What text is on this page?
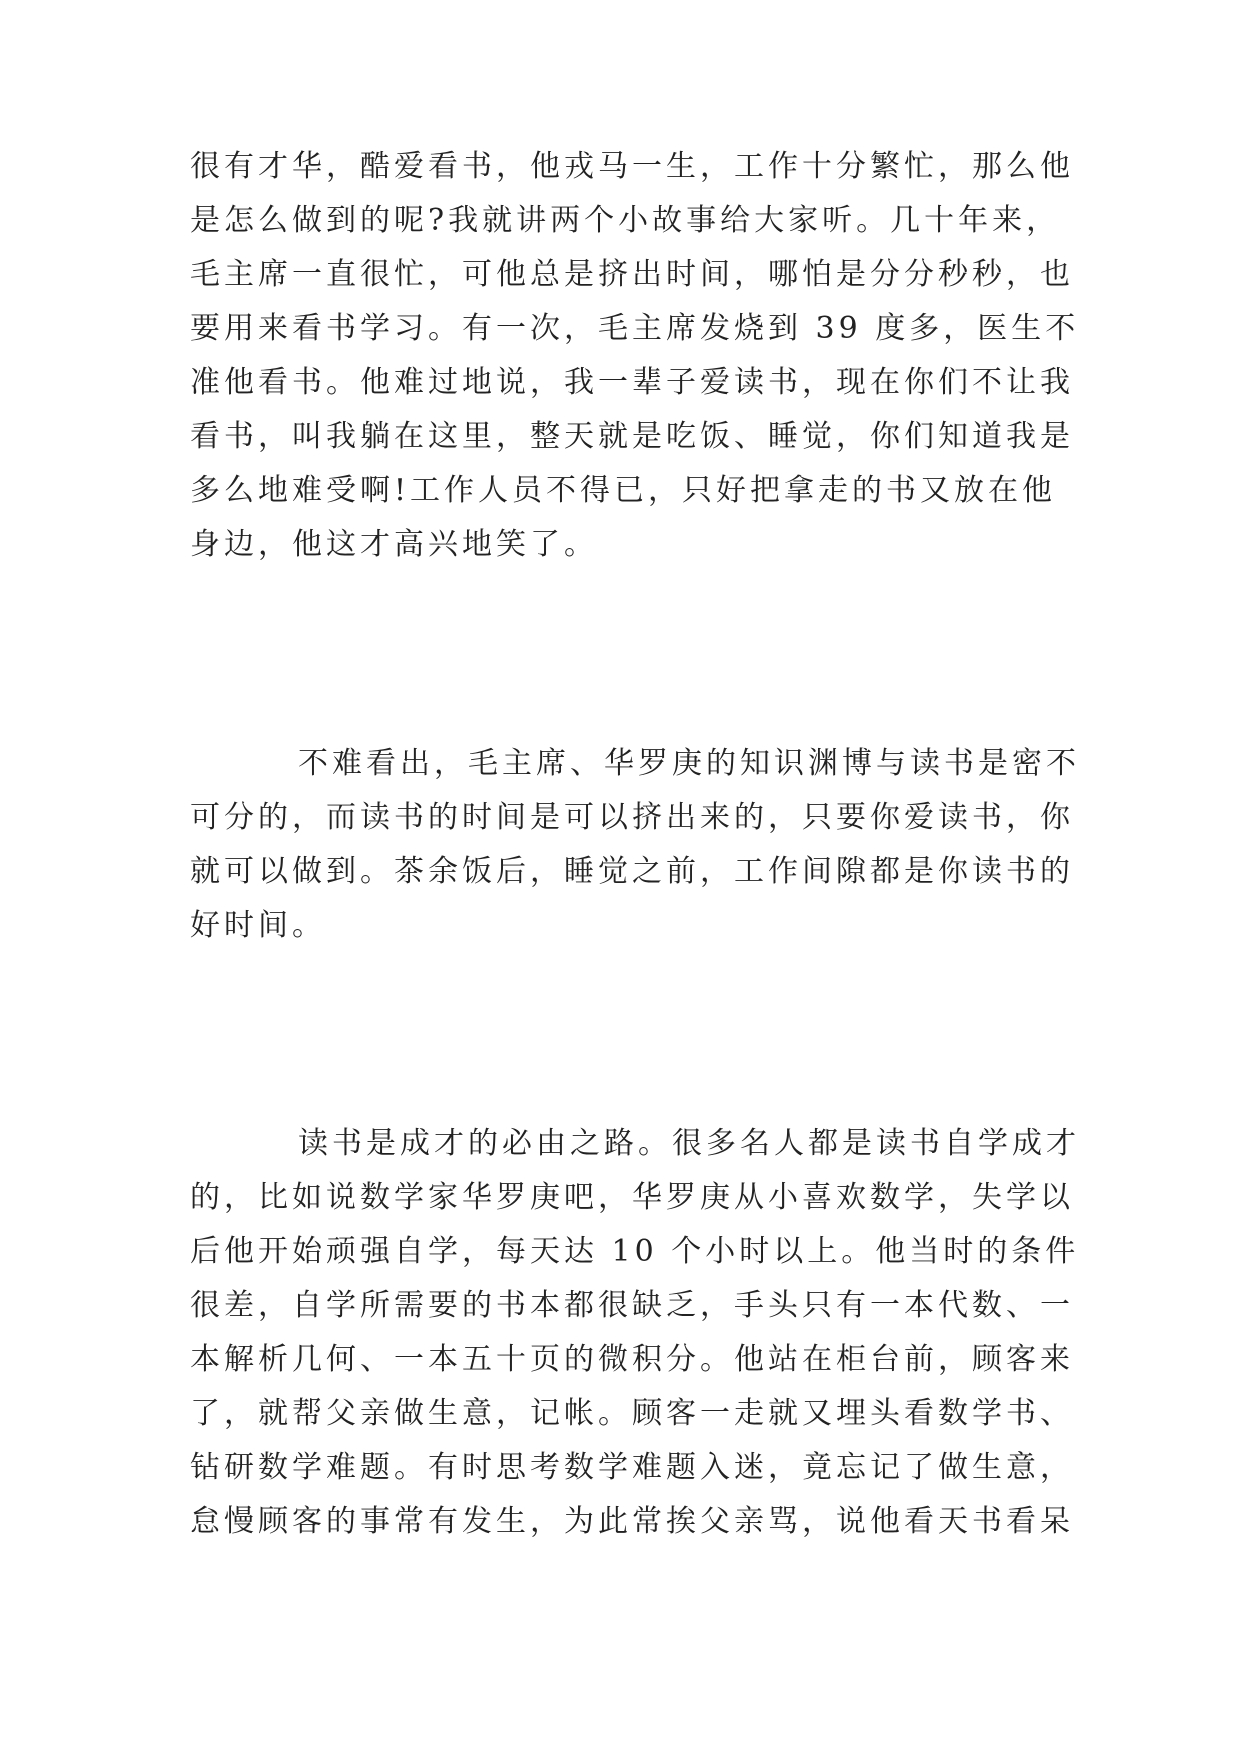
很有才华，酷爱看书，他戎马一生，工作十分繁忙，那么他
是怎么做到的呢?我就讲两个小故事给大家听。几十年来，
毛主席一直很忙，可他总是挤出时间，哪怕是分分秒秒，也
要用来看书学习。有一次，毛主席发烧到 39 度多，医生不
准他看书。他难过地说，我一辈子爱读书，现在你们不让我
看书，叫我躺在这里，整天就是吃饭、睡觉，你们知道我是
多么地难受啊!工作人员不得已，只好把拿走的书又放在他
身边，他这才高兴地笑了。
不难看出，毛主席、华罗庚的知识渊博与读书是密不
可分的，而读书的时间是可以挤出来的，只要你爱读书，你
就可以做到。茶余饭后，睡觉之前，工作间隙都是你读书的
好时间。
读书是成才的必由之路。很多名人都是读书自学成才
的，比如说数学家华罗庚吧，华罗庚从小喜欢数学，失学以
后他开始顽强自学，每天达 10 个小时以上。他当时的条件
很差，自学所需要的书本都很缺乏，手头只有一本代数、一
本解析几何、一本五十页的微积分。他站在柜台前，顾客来
了，就帮父亲做生意，记帐。顾客一走就又埋头看数学书、
钻研数学难题。有时思考数学难题入迷，竟忘记了做生意，
怠慢顾客的事常有发生，为此常挨父亲骂，说他看天书看呆
